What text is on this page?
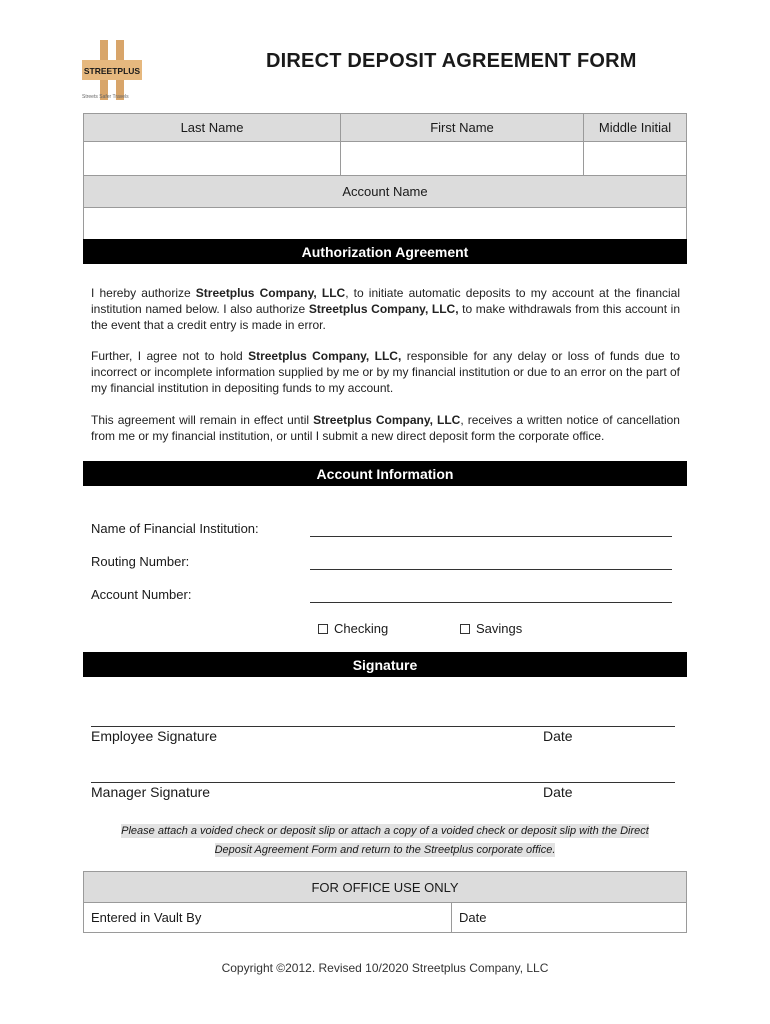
STREETPLUS
Streets Safer Travels
DIRECT DEPOSIT AGREEMENT FORM
Last Name	First Name	Middle Initial
Account Name
Authorization Agreement
I hereby authorize Streetplus Company, LLC, to initiate automatic deposits to my account at the financial institution named below. I also authorize Streetplus Company, LLC, to make withdrawals from this account in the event that a credit entry is made in error.
Further, I agree not to hold Streetplus Company, LLC, responsible for any delay or loss of funds due to incorrect or incomplete information supplied by me or by my financial institution or due to an error on the part of my financial institution in depositing funds to my account.
This agreement will remain in effect until Streetplus Company, LLC, receives a written notice of cancellation from me or my financial institution, or until I submit a new direct deposit form the corporate office.
Account Information
Name of Financial Institution:
Routing Number:
Account Number:
Checking	Savings
Signature
Employee Signature	Date
Manager Signature	Date
Please attach a voided check or deposit slip or attach a copy of a voided check or deposit slip with the Direct
Deposit Agreement Form and return to the Streetplus corporate office.
FOR OFFICE USE ONLY
Entered in Vault By	Date
Copyright ©2012. Revised 10/2020 Streetplus Company, LLC
